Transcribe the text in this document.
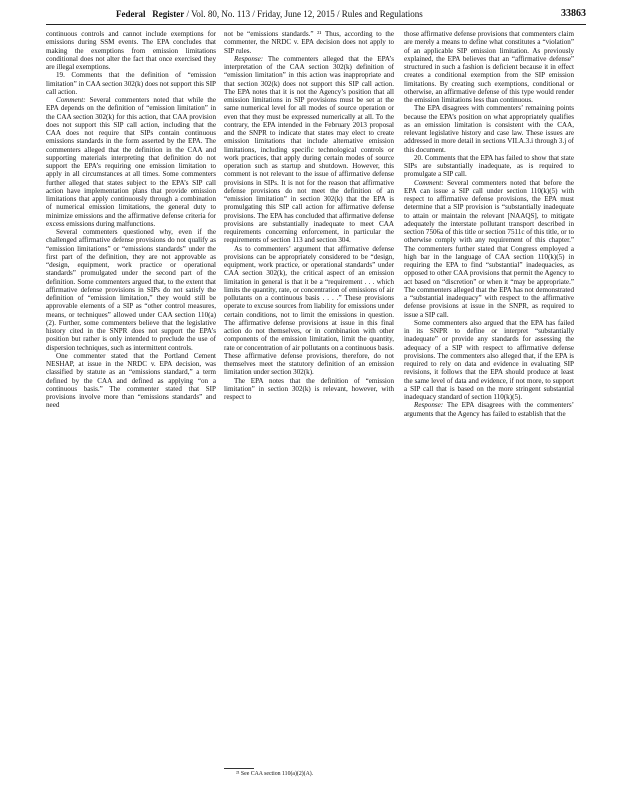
Federal Register / Vol. 80, No. 113 / Friday, June 12, 2015 / Rules and Regulations	33863

continuous controls and cannot include exemptions for emissions during SSM events. The EPA concludes that making the exemptions from emission limitations conditional does not alter the fact that once exercised they are illegal exemptions.

19. Comments that the definition of “emission limitation” in CAA section 302(k) does not support this SIP call action.

Comment: Several commenters noted that while the EPA depends on the definition of “emission limitation” in the CAA section 302(k) for this action, that CAA provision does not support this SIP call action, including that the CAA does not require that SIPs contain continuous emissions standards in the form asserted by the EPA. The commenters alleged that the definition in the CAA and supporting materials interpreting that definition do not support the EPA’s requiring one emission limitation to apply in all circumstances at all times. Some commenters further alleged that states subject to the EPA’s SIP call action have implementation plans that provide emission limitations that apply continuously through a combination of numerical emission limitations, the general duty to minimize emissions and the affirmative defense criteria for excess emissions during malfunctions.

Several commenters questioned why, even if the challenged affirmative defense provisions do not qualify as “emission limitations” or “emissions standards” under the first part of the definition, they are not approvable as “design, equipment, work practice or operational standards” promulgated under the second part of the definition. Some commenters argued that, to the extent that affirmative defense provisions in SIPs do not satisfy the definition of “emission limitation,” they would still be approvable elements of a SIP as “other control measures, means, or techniques” allowed under CAA section 110(a)(2). Further, some commenters believe that the legislative history cited in the SNPR does not support the EPA’s position but rather is only intended to preclude the use of dispersion techniques, such as intermittent controls.

One commenter stated that the Portland Cement NESHAP, at issue in the NRDC v. EPA decision, was classified by statute as an “emissions standard,” a term defined by the CAA and defined as applying “on a continuous basis.” The commenter stated that SIP provisions involve more than “emissions standards” and need

not be “emissions standards.” ²¹ Thus, according to the commenter, the NRDC v. EPA decision does not apply to SIP rules.

Response: The commenters alleged that the EPA’s interpretation of the CAA section 302(k) definition of “emission limitation” in this action was inappropriate and that section 302(k) does not support this SIP call action. The EPA notes that it is not the Agency’s position that all emission limitations in SIP provisions must be set at the same numerical level for all modes of source operation or even that they must be expressed numerically at all. To the contrary, the EPA intended in the February 2013 proposal and the SNPR to indicate that states may elect to create emission limitations that include alternative emission limitations, including specific technological controls or work practices, that apply during certain modes of source operation such as startup and shutdown. However, this comment is not relevant to the issue of affirmative defense provisions in SIPs. It is not for the reason that affirmative defense provisions do not meet the definition of an “emission limitation” in section 302(k) that the EPA is promulgating this SIP call action for affirmative defense provisions. The EPA has concluded that affirmative defense provisions are substantially inadequate to meet CAA requirements concerning enforcement, in particular the requirements of section 113 and section 304.

As to commenters’ argument that affirmative defense provisions can be appropriately considered to be “design, equipment, work practice, or operational standards” under CAA section 302(k), the critical aspect of an emission limitation in general is that it be a “requirement . . . which limits the quantity, rate, or concentration of emissions of air pollutants on a continuous basis . . . .” These provisions operate to excuse sources from liability for emissions under certain conditions, not to limit the emissions in question. The affirmative defense provisions at issue in this final action do not themselves, or in combination with other components of the emission limitation, limit the quantity, rate or concentration of air pollutants on a continuous basis. These affirmative defense provisions, therefore, do not themselves meet the statutory definition of an emission limitation under section 302(k).

The EPA notes that the definition of “emission limitation” in section 302(k) is relevant, however, with respect to

those affirmative defense provisions that commenters claim are merely a means to define what constitutes a “violation” of an applicable SIP emission limitation. As previously explained, the EPA believes that an “affirmative defense” structured in such a fashion is deficient because it in effect creates a conditional exemption from the SIP emission limitations. By creating such exemptions, conditional or otherwise, an affirmative defense of this type would render the emission limitations less than continuous.

The EPA disagrees with commenters’ remaining points because the EPA’s position on what appropriately qualifies as an emission limitation is consistent with the CAA, relevant legislative history and case law. These issues are addressed in more detail in sections VII.A.3.i through 3.j of this document.

20. Comments that the EPA has failed to show that state SIPs are substantially inadequate, as is required to promulgate a SIP call.

Comment: Several commenters noted that before the EPA can issue a SIP call under section 110(k)(5) with respect to affirmative defense provisions, the EPA must determine that a SIP provision is “substantially inadequate to attain or maintain the relevant [NAAQS], to mitigate adequately the interstate pollutant transport described in section 7506a of this title or section 7511c of this title, or to otherwise comply with any requirement of this chapter.” The commenters further stated that Congress employed a high bar in the language of CAA section 110(k)(5) in requiring the EPA to find “substantial” inadequacies, as opposed to other CAA provisions that permit the Agency to act based on “discretion” or when it “may be appropriate.” The commenters alleged that the EPA has not demonstrated a “substantial inadequacy” with respect to the affirmative defense provisions at issue in the SNPR, as required to issue a SIP call.

Some commenters also argued that the EPA has failed in its SNPR to define or interpret “substantially inadequate” or provide any standards for assessing the adequacy of a SIP with respect to affirmative defense provisions. The commenters also alleged that, if the EPA is required to rely on data and evidence in evaluating SIP revisions, it follows that the EPA should produce at least the same level of data and evidence, if not more, to support a SIP call that is based on the more stringent substantial inadequacy standard of section 110(k)(5).

Response: The EPA disagrees with the commenters’ arguments that the Agency has failed to establish that the

²¹ See CAA section 110(a)(2)(A).
